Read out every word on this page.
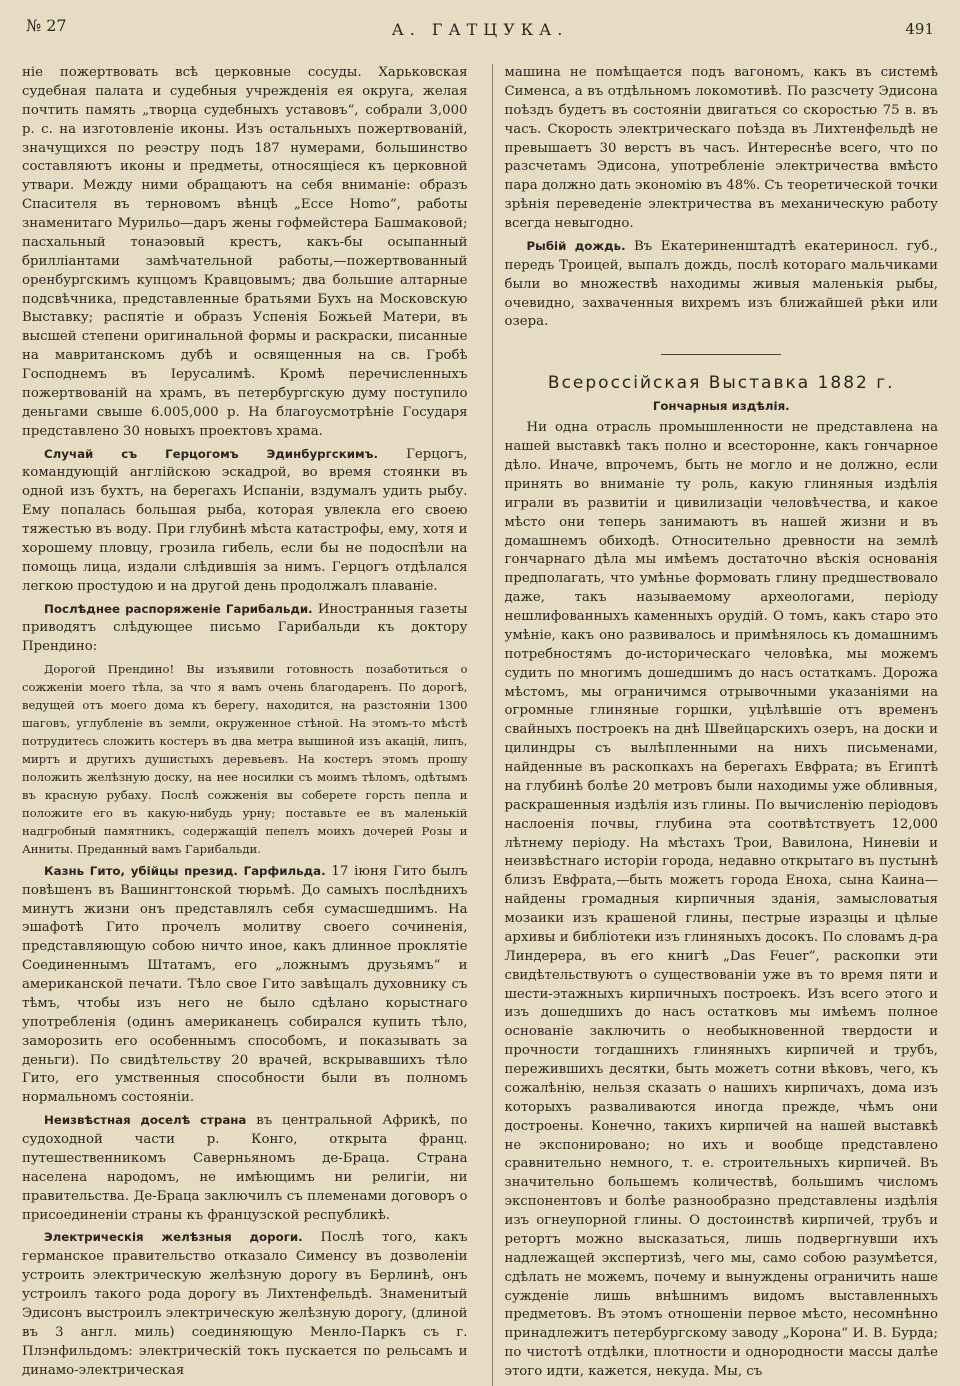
№ 27	А. ГАТЦУКА.	491

ніе пожертвовать всѣ церковные сосуды. Харьковская судебная палата и судебныя учрежденія ея округа, желая почтить память „творца судебныхъ уставовъ“, собрали 3,000 р. с. на изготовленіе иконы. Изъ остальныхъ пожертвованій, значущихся по реэстру подъ 187 нумерами, большинство составляютъ иконы и предметы, относящіеся къ церковной утвари. Между ними обращаютъ на себя вниманіе: образъ Спасителя въ терновомъ вѣнцѣ „Ессе Homo“, работы знаменитаго Мурильо—даръ жены гофмейстера Башмаковой; пасхальный тонаэовый крестъ, какъ-бы осыпанный бриллiантами замѣчательной работы,—пожертвованный оренбургскимъ купцомъ Кравцовымъ; два большие алтарные подсвѣчника, представленные братьями Бухъ на Московскую Выставку; распятіе и образъ Успенія Божьей Матери, въ высшей степени оригинальной формы и раскраски, писанные на мавританскомъ дубѣ и освященныя на св. Гробѣ Господнемъ въ Іерусалимѣ. Кромѣ перечисленныхъ пожертвованій на храмъ, въ петербургскую думу поступило деньгами свыше 6.005,000 р. На благоусмотрѣніе Государя представлено 30 новыхъ проектовъ храма.

Случай съ Герцогомъ Эдинбургскимъ. Герцогъ, командующій англійскою эскадрой, во время стоянки въ одной изъ бухтъ, на берегахъ Испаніи, вздумалъ удить рыбу. Ему попалась большая рыба, которая увлекла его своею тяжестью въ воду. При глубинѣ мѣста катастрофы, ему, хотя и хорошему пловцу, грозила гибель, если бы не подоспѣли на помощь лица, издали слѣдившія за нимъ. Герцогъ отдѣлался легкою простудою и на другой день продолжалъ плаваніе.

Послѣднее распоряженіе Гарибальди. Иностранныя газеты приводятъ слѣдующее письмо Гарибальди къ доктору Прендино:

Дорогой Прендино! Вы изъявили готовность позаботиться о сожженіи моего тѣла, за что я вамъ очень благодаренъ. По дорогѣ, ведущей отъ моего дома къ берегу, находится, на разстояніи 1300 шаговъ, углубленіе въ земли, окруженное стѣной. На этомъ-то мѣстѣ потрудитесь сложить костеръ въ два метра вышиной изъ акацій, липъ, миртъ и другихъ душистыхъ деревьевъ. На костеръ этомъ прошу положить желѣзную доску, на нее носилки съ моимъ тѣломъ, одѣтымъ въ красную рубаху. Послѣ сожженія вы соберете горсть пепла и положите его въ какую-нибудь урну; поставьте ее въ маленькій надгробный памятникъ, содержащій пепелъ моихъ дочерей Розы и Анниты. Преданный вамъ Гарибальди.

Казнь Гито, убійцы презид. Гарфильда. 17 іюня Гито былъ повѣшенъ въ Вашингтонской тюрьмѣ. До самыхъ послѣднихъ минутъ жизни онъ представлялъ себя сумасшедшимъ. На эшафотѣ Гито прочелъ молитву своего сочиненія, представляющую собою ничто иное, какъ длинное проклятіе Соединеннымъ Штатамъ, его „ложнымъ друзьямъ“ и американской печати. Тѣло свое Гито завѣщалъ духовнику съ тѣмъ, чтобы изъ него не было сдѣлано корыстнаго употребленія (одинъ американецъ собирался купить тѣло, заморозить его особеннымъ способомъ, и показывать за деньги). По свидѣтельству 20 врачей, вскрывавшихъ тѣло Гито, его умственныя способности были въ полномъ нормальномъ состояніи.

Неизвѣстная доселѣ страна въ центральной Африкѣ, по судоходной части р. Конго, открыта франц. путешественникомъ Саверньяномъ де-Браца. Страна населена народомъ, не имѣющимъ ни религіи, ни правительства. Де-Браца заключилъ съ племенами договоръ о присоединеніи страны къ французской республикѣ.

Электрическія желѣзныя дороги. Послѣ того, какъ германское правительство отказало Сименсу въ дозволеніи устроить электрическую желѣзную дорогу въ Берлинѣ, онъ устроилъ такого рода дорогу въ Лихтенфельдѣ. Знаменитый Эдисонъ выстроилъ электрическую желѣзную дорогу, (длиной въ 3 англ. миль) соединяющую Менло-Паркъ съ г. Плэнфильдомъ: электрическій токъ пускается по рельсамъ и динамо-электрическая

машина не помѣщается подъ вагономъ, какъ въ системѣ Сименса, а въ отдѣльномъ локомотивѣ. По разсчету Эдисона поѣздъ будетъ въ состояніи двигаться со скоростью 75 в. въ часъ. Скорость электрическаго поѣзда въ Лихтенфельдѣ не превышаетъ 30 верстъ въ часъ. Интереснѣе всего, что по разсчетамъ Эдисона, употребленіе электричества вмѣсто пара должно дать экономію въ 48%. Съ теоретической точки зрѣнія переведеніе электричества въ механическую работу всегда невыгодно.

Рыбій дождь. Въ Екатериненштадтѣ екатериносл. губ., передъ Троицей, выпалъ дождь, послѣ котораго мальчиками были во множествѣ находимы живыя маленькія рыбы, очевидно, захваченныя вихремъ изъ ближайшей рѣки или озера.

Всероссійская Выставка 1882 г.
Гончарныя издѣлія.

Ни одна отрасль промышленности не представлена на нашей выставкѣ такъ полно и всесторонне, какъ гончарное дѣло. Иначе, впрочемъ, быть не могло и не должно, если принять во вниманіе ту роль, какую глиняныя издѣлія играли въ развитіи и цивилизаціи человѣчества, и какое мѣсто они теперь занимаютъ въ нашей жизни и въ домашнемъ обиходѣ. Относительно древности на землѣ гончарнаго дѣла мы имѣемъ достаточно вѣскія основанія предполагать, что умѣнье формовать глину предшествовало даже, такъ называемому археологами, періоду нешлифованныхъ каменныхъ орудій. О томъ, какъ старо это умѣніе, какъ оно развивалось и примѣнялось къ домашнимъ потребностямъ до-историческаго человѣка, мы можемъ судить по многимъ дошедшимъ до насъ остаткамъ. Дорожа мѣстомъ, мы ограничимся отрывочными указаніями на огромные глиняные горшки, уцѣлѣвшіе отъ временъ свайныхъ построекъ на днѣ Швейцарскихъ озеръ, на доски и цилиндры съ вылѣпленными на нихъ письменами, найденные въ раскопкахъ на берегахъ Евфрата; въ Египтѣ на глубинѣ болѣе 20 метровъ были находимы уже обливныя, раскрашенныя издѣлія изъ глины. По вычисленію періодовъ наслоенія почвы, глубина эта соотвѣтствуетъ 12,000 лѣтнему періоду. На мѣстахъ Трои, Вавилона, Ниневіи и неизвѣстнаго исторіи города, недавно открытаго въ пустынѣ близъ Евфрата,—быть можетъ города Еноха, сына Каина—найдены громадныя кирпичныя зданія, замысловатыя мозаики изъ крашеной глины, пестрые изразцы и цѣлые архивы и библіотеки изъ глиняныхъ досокъ. По словамъ д-ра Линдерера, въ его книгѣ „Das Feuer“, раскопки эти свидѣтельствуютъ о существованіи уже въ то время пяти и шести-этажныхъ кирпичныхъ построекъ. Изъ всего этого и изъ дошедшихъ до насъ остатковъ мы имѣемъ полное основаніе заключить о необыкновенной твердости и прочности тогдашнихъ глиняныхъ кирпичей и трубъ, пережившихъ десятки, быть можетъ сотни вѣковъ, чего, къ сожалѣнію, нельзя сказать о нашихъ кирпичахъ, дома изъ которыхъ разваливаются иногда прежде, чѣмъ они достроены. Конечно, такихъ кирпичей на нашей выставкѣ не экспонировано; но ихъ и вообще представлено сравнительно немного, т. е. строительныхъ кирпичей. Въ значительно большемъ количествѣ, большимъ числомъ экспонентовъ и болѣе разнообразно представлены издѣлія изъ огнеупорной глины. О достоинствѣ кирпичей, трубъ и ретортъ можно высказаться, лишь подвергнувши ихъ надлежащей экспертизѣ, чего мы, само собою разумѣется, сдѣлать не можемъ, почему и вынуждены ограничить наше сужденіе лишь внѣшнимъ видомъ выставленныхъ предметовъ. Въ этомъ отношеніи первое мѣсто, несомнѣнно принадлежитъ петербургскому заводу „Корона“ И. В. Бурда; по чистотѣ отдѣлки, плотности и однородности массы далѣе этого идти, кажется, некуда. Мы, съ
